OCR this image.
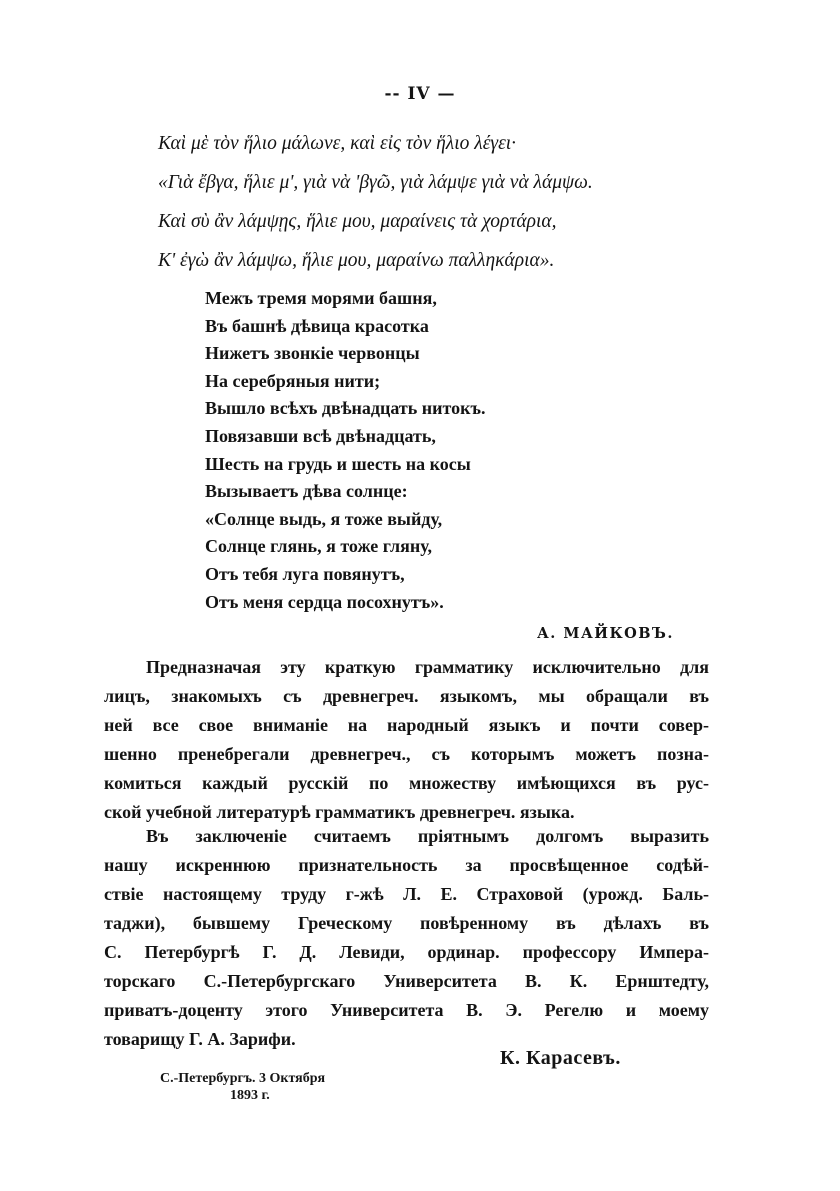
-- IV —
Καὶ μὲ τὸν ἥλιο μάλωνε, καὶ εἰς τὸν ἥλιο λέγει·
«Γιὰ ἔβγα, ἥλιε μ', γιὰ νὰ 'βγῶ, γιὰ λάμψε γιὰ νὰ λάμψω.
Καὶ σὺ ἂν λάμψῃς, ἥλιε μου, μαραίνεις τὰ χορτάρια,
Κ' ἐγὼ ἂν λάμψω, ἥλιε μου, μαραίνω παλληκάρια».
Межъ тремя морями башня,
Въ башнѣ дѣвица красотка
Нижетъ звонкіе червонцы
На серебряныя нити;
Вышло всѣхъ двѣнадцать нитокъ.
Повязавши всѣ двѣнадцать,
Шесть на грудь и шесть на косы
Вызываетъ дѣва солнце:
«Солнце выдь, я тоже выйду,
Солнце глянь, я тоже гляну,
Отъ тебя луга повянутъ,
Отъ меня сердца посохнутъ».
А. МАЙКОВЪ.
Предназначая эту краткую грамматику исключительно для
лицъ, знакомыхъ съ древнегреч. языкомъ, мы обращали въ
ней все свое вниманіе на народный языкъ и почти совер-
шенно пренебрегали древнегреч., съ которымъ можетъ позна-
комиться каждый русскій по множеству имѣющихся въ рус-
ской учебной литературѣ грамматикъ древнегреч. языка.
Въ заключеніе считаемъ пріятнымъ долгомъ выразить
нашу искреннюю признательность за просвѣщенное содѣй-
ствіе настоящему труду г-жѣ Л. Е. Страховой (урожд. Баль-
таджи), бывшему Греческому повѣренному въ дѣлахъ въ
С. Петербургѣ Г. Д. Левиди, ординар. профессору Импера-
торскаго С.-Петербургскаго Университета В. К. Ернштедту,
приватъ-доценту этого Университета В. Э. Регелю и моему
товарищу Г. А. Зарифи.
К. Карасевъ.
С.-Петербургъ. 3 Октября
1893 г.
